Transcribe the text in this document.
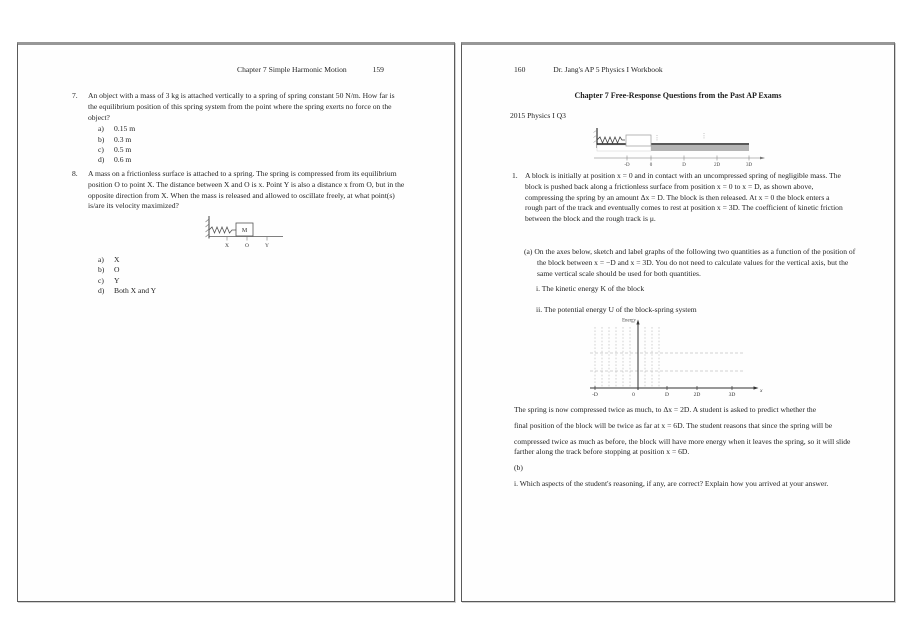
Chapter 7 Simple Harmonic Motion	159
7. An object with a mass of 3 kg is attached vertically to a spring of spring constant 50 N/m. How far is the equilibrium position of this spring system from the point where the spring exerts no force on the object?
a)	0.15 m
b)	0.3 m
c)	0.5 m
d)	0.6 m
8. A mass on a frictionless surface is attached to a spring. The spring is compressed from its equilibrium position O to point X. The distance between X and O is x. Point Y is also a distance x from O, but in the opposite direction from X. When the mass is released and allowed to oscillate freely, at what point(s) is/are its velocity maximized?
M
X	O	Y
a)	X
b)	O
c)	Y
d)	Both X and Y
160	Dr. Jang's AP 5 Physics I Workbook
Chapter 7 Free-Response Questions from the Past AP Exams
2015 Physics I Q3
-D	0	D	2D	3D
1. A block is initially at position x = 0 and in contact with an uncompressed spring of negligible mass. The block is pushed back along a frictionless surface from position x = 0 to x = D, as shown above, compressing the spring by an amount Δx = D. The block is then released. At x = 0 the block enters a rough part of the track and eventually comes to rest at position x = 3D. The coefficient of kinetic friction between the block and the rough track is μ.
(a) On the axes below, sketch and label graphs of the following two quantities as a function of the position of the block between x = −D and x = 3D. You do not need to calculate values for the vertical axis, but the same vertical scale should be used for both quantities.
i. The kinetic energy K of the block
ii. The potential energy U of the block-spring system
Energy
-D	0	D	2D	3D
x

The spring is now compressed twice as much, to Δx = 2D. A student is asked to predict whether the

final position of the block will be twice as far at x = 6D. The student reasons that since the spring will be

compressed twice as much as before, the block will have more energy when it leaves the spring, so it will slide farther along the track before stopping at position x = 6D.

(b)

i. Which aspects of the student's reasoning, if any, are correct? Explain how you arrived at your answer.
